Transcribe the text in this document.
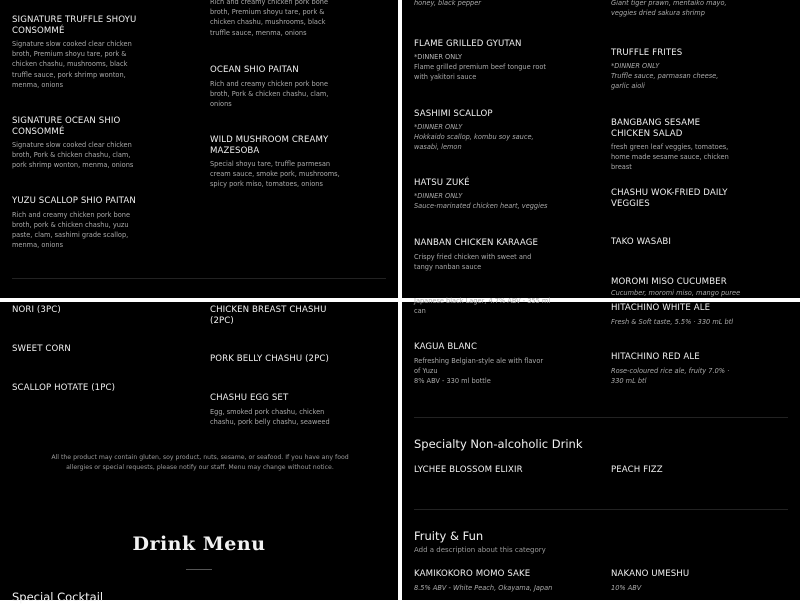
Rich and creamy chicken pork bone broth, Premium shoyu tare, pork & chicken chashu, mushrooms, black truffle sauce, menma, onions
SIGNATURE TRUFFLE SHOYU CONSOMMÉ
Signature slow cooked clear chicken broth, Premium shoyu tare, pork & chicken chashu, mushrooms, black truffle sauce, pork shrimp wonton, menma, onions
SIGNATURE OCEAN SHIO CONSOMMÉ
Signature slow cooked clear chicken broth, Pork & chicken chashu, clam, pork shrimp wonton, menma, onions
YUZU SCALLOP SHIO PAITAN
Rich and creamy chicken pork bone broth, pork & chicken chashu, yuzu paste, clam, sashimi grade scallop, menma, onions
OCEAN SHIO PAITAN
Rich and creamy chicken pork bone broth, Pork & chicken chashu, clam, onions
WILD MUSHROOM CREAMY MAZESOBA
Special shoyu tare, truffle parmesan cream sauce, smoke pork, mushrooms, spicy pork miso, tomatoes, onions
honey, black pepper	Giant tiger prawn, mentaiko mayo, veggies dried sakura shrimp
FLAME GRILLED GYUTAN
*DINNER ONLY
Flame grilled premium beef tongue root with yakitori sauce
SASHIMI SCALLOP
*DINNER ONLY
Hokkaido scallop, kombu soy sauce, wasabi, lemon
HATSU ZUKÉ
*DINNER ONLY
Sauce-marinated chicken heart, veggies
NANBAN CHICKEN KARAAGE
Crispy fried chicken with sweet and tangy nanban sauce
TRUFFLE FRITES
*DINNER ONLY
Truffle sauce, parmasan cheese, garlic aioli
BANGBANG SESAME CHICKEN SALAD
fresh green leaf veggies, tomatoes, home made sesame sauce, chicken breast
CHASHU WOK-FRIED DAILY VEGGIES
TAKO WASABI
MOROMI MISO CUCUMBER
Cucumber, moromi miso, mango puree
NORI (3PC)
SWEET CORN
SCALLOP HOTATE (1PC)
CHICKEN BREAST CHASHU (2PC)
PORK BELLY CHASHU (2PC)
CHASHU EGG SET
Egg, smoked pork chashu, chicken chashu, pork belly chashu, seaweed
All the product may contain gluten, soy product, nuts, sesame, or seafood. If you have any food allergies or special requests, please notify our staff. Menu may change without notice.
Drink Menu
Special Cocktail
Japanese black Lager, 4.7% ABV - 355 ml
can
KAGUA BLANC
Refreshing Belgian-style ale with flavor of Yuzu
8% ABV - 330 ml bottle
HITACHINO WHITE ALE
Fresh & Soft taste, 5.5% · 330 mL btl
HITACHINO RED ALE
Rose-coloured rice ale, fruity 7.0% · 330 mL btl
Specialty Non-alcoholic Drink
LYCHEE BLOSSOM ELIXIR	PEACH FIZZ
Fruity & Fun
Add a description about this category
KAMIKOKORO MOMO SAKE
8.5% ABV - White Peach, Okayama, Japan
NAKANO UMESHU
10% ABV
